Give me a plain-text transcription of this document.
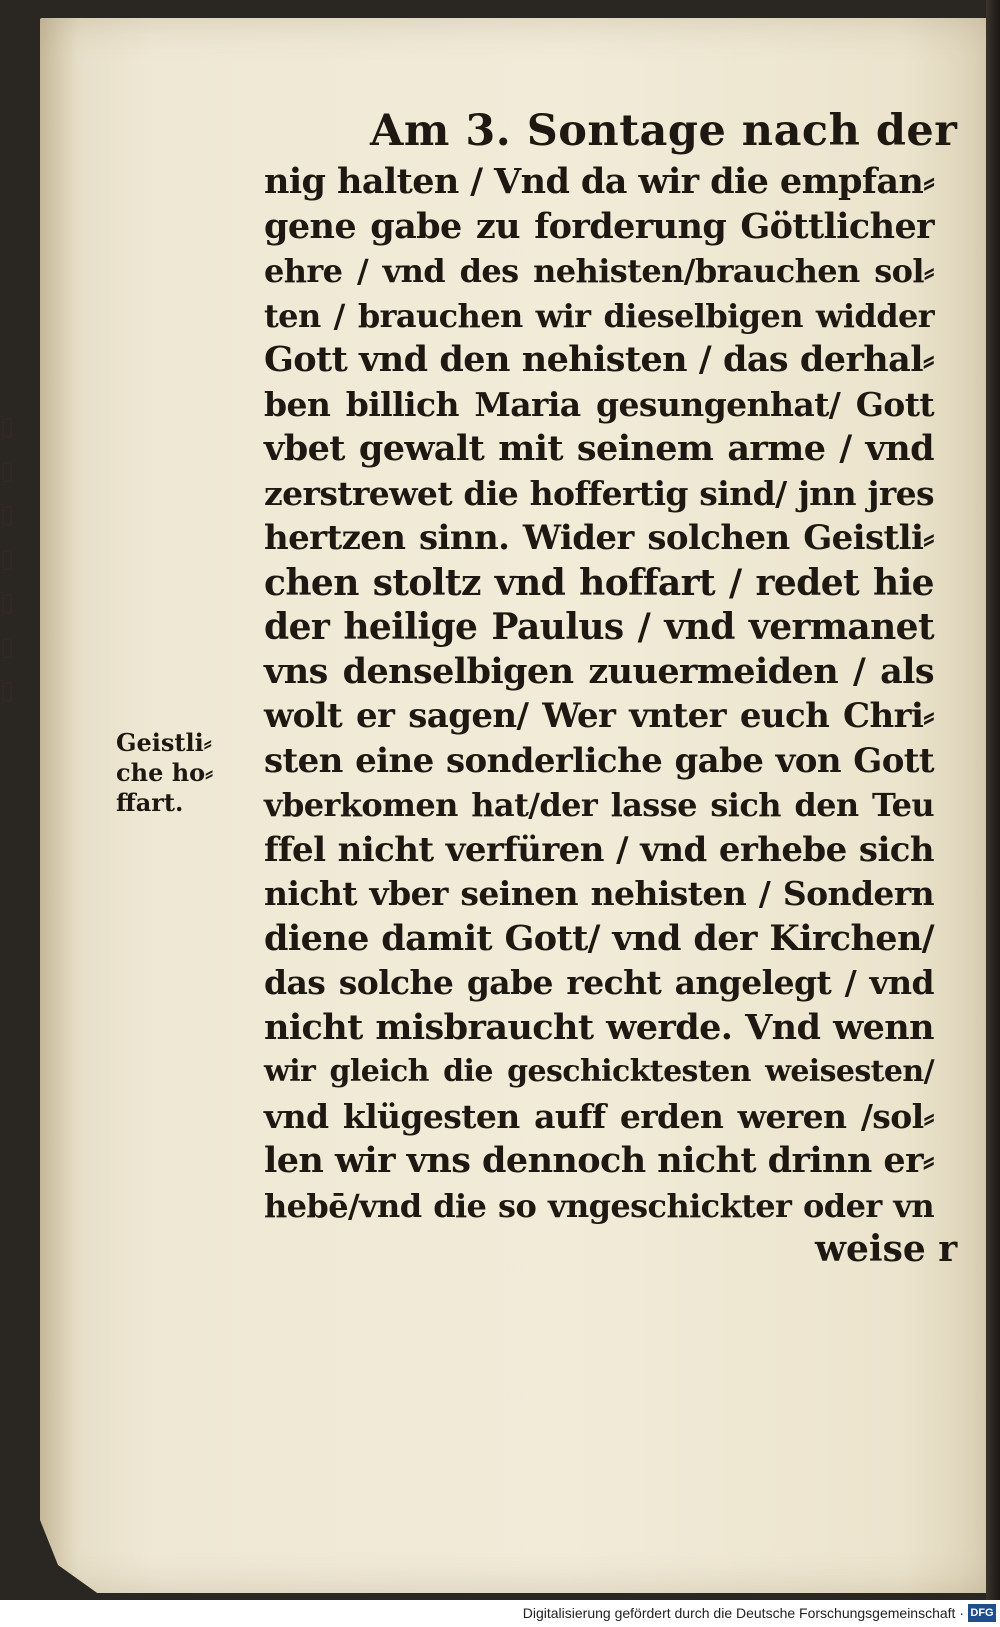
▯
▯
▯
▯
▯
▯
▯
Am 3. Sontage nach der
nig halten / Vnd da wir die empfan⸗
gene gabe zu forderung Göttlicher
ehre / vnd des nehisten/brauchen sol⸗
ten / brauchen wir dieselbigen widder
Gott vnd den nehisten / das derhal⸗
ben billich Maria gesungenhat/ Gott
vbet gewalt mit seinem arme / vnd
zerstrewet die hoffertig sind/ jnn jres
hertzen sinn. Wider solchen Geistli⸗
chen stoltz vnd hoffart / redet hie
der heilige Paulus / vnd vermanet
vns denselbigen zuuermeiden / als
wolt er sagen/ Wer vnter euch Chri⸗
sten eine sonderliche gabe von Gott
vberkomen hat/der lasse sich den Teu
ffel nicht verfüren / vnd erhebe sich
nicht vber seinen nehisten / Sondern
diene damit Gott/ vnd der Kirchen/
das solche gabe recht angelegt / vnd
nicht misbraucht werde. Vnd wenn
wir gleich die geschicktesten weisesten/
vnd klügesten auff erden weren /sol⸗
len wir vns dennoch nicht drinn er⸗
hebē/vnd die so vngeschickter oder vn
weise r
Geistli⸗
che ho⸗
ffart.
Digitalisierung gefördert durch die Deutsche Forschungsgemeinschaft · DFG
